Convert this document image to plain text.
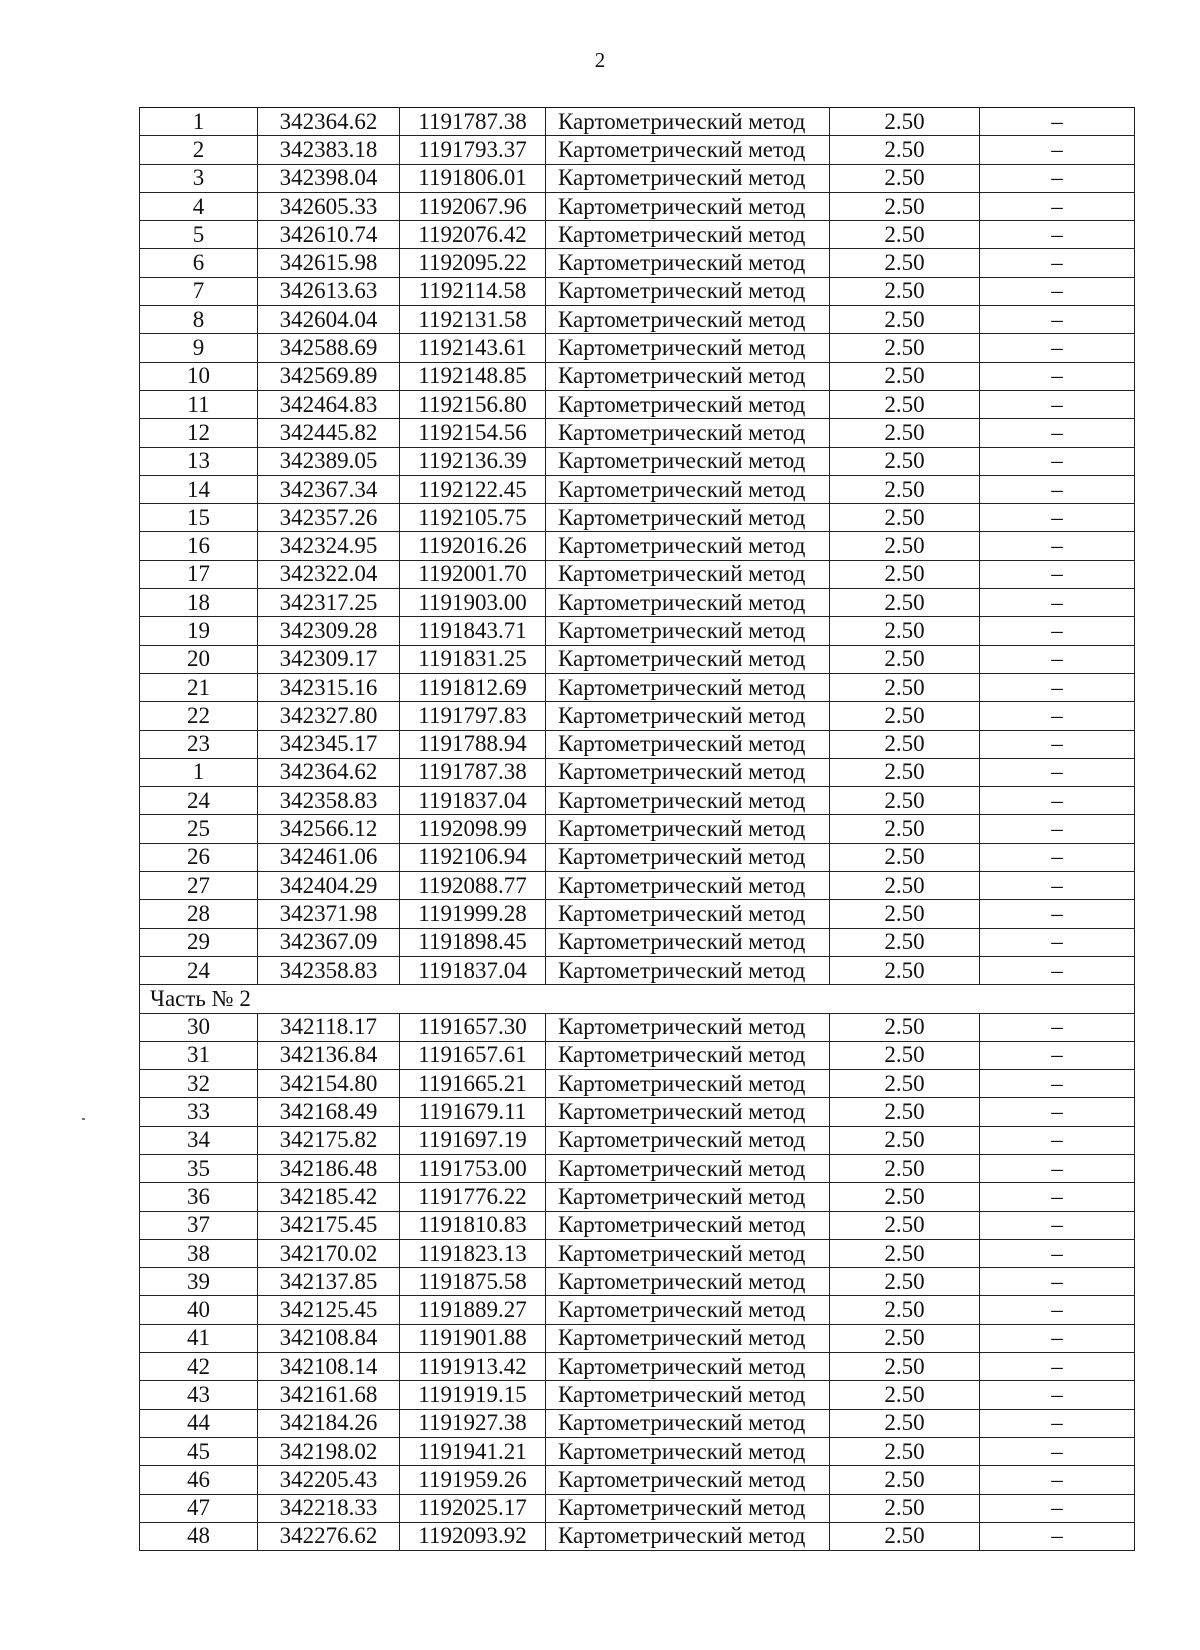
2
1	342364.62	1191787.38	Картометрический метод	2.50	–
2	342383.18	1191793.37	Картометрический метод	2.50	–
3	342398.04	1191806.01	Картометрический метод	2.50	–
4	342605.33	1192067.96	Картометрический метод	2.50	–
5	342610.74	1192076.42	Картометрический метод	2.50	–
6	342615.98	1192095.22	Картометрический метод	2.50	–
7	342613.63	1192114.58	Картометрический метод	2.50	–
8	342604.04	1192131.58	Картометрический метод	2.50	–
9	342588.69	1192143.61	Картометрический метод	2.50	–
10	342569.89	1192148.85	Картометрический метод	2.50	–
11	342464.83	1192156.80	Картометрический метод	2.50	–
12	342445.82	1192154.56	Картометрический метод	2.50	–
13	342389.05	1192136.39	Картометрический метод	2.50	–
14	342367.34	1192122.45	Картометрический метод	2.50	–
15	342357.26	1192105.75	Картометрический метод	2.50	–
16	342324.95	1192016.26	Картометрический метод	2.50	–
17	342322.04	1192001.70	Картометрический метод	2.50	–
18	342317.25	1191903.00	Картометрический метод	2.50	–
19	342309.28	1191843.71	Картометрический метод	2.50	–
20	342309.17	1191831.25	Картометрический метод	2.50	–
21	342315.16	1191812.69	Картометрический метод	2.50	–
22	342327.80	1191797.83	Картометрический метод	2.50	–
23	342345.17	1191788.94	Картометрический метод	2.50	–
1	342364.62	1191787.38	Картометрический метод	2.50	–
24	342358.83	1191837.04	Картометрический метод	2.50	–
25	342566.12	1192098.99	Картометрический метод	2.50	–
26	342461.06	1192106.94	Картометрический метод	2.50	–
27	342404.29	1192088.77	Картометрический метод	2.50	–
28	342371.98	1191999.28	Картометрический метод	2.50	–
29	342367.09	1191898.45	Картометрический метод	2.50	–
24	342358.83	1191837.04	Картометрический метод	2.50	–
Часть № 2					
30	342118.17	1191657.30	Картометрический метод	2.50	–
31	342136.84	1191657.61	Картометрический метод	2.50	–
32	342154.80	1191665.21	Картометрический метод	2.50	–
33	342168.49	1191679.11	Картометрический метод	2.50	–
34	342175.82	1191697.19	Картометрический метод	2.50	–
35	342186.48	1191753.00	Картометрический метод	2.50	–
36	342185.42	1191776.22	Картометрический метод	2.50	–
37	342175.45	1191810.83	Картометрический метод	2.50	–
38	342170.02	1191823.13	Картометрический метод	2.50	–
39	342137.85	1191875.58	Картометрический метод	2.50	–
40	342125.45	1191889.27	Картометрический метод	2.50	–
41	342108.84	1191901.88	Картометрический метод	2.50	–
42	342108.14	1191913.42	Картометрический метод	2.50	–
43	342161.68	1191919.15	Картометрический метод	2.50	–
44	342184.26	1191927.38	Картометрический метод	2.50	–
45	342198.02	1191941.21	Картометрический метод	2.50	–
46	342205.43	1191959.26	Картометрический метод	2.50	–
47	342218.33	1192025.17	Картометрический метод	2.50	–
48	342276.62	1192093.92	Картометрический метод	2.50	–
